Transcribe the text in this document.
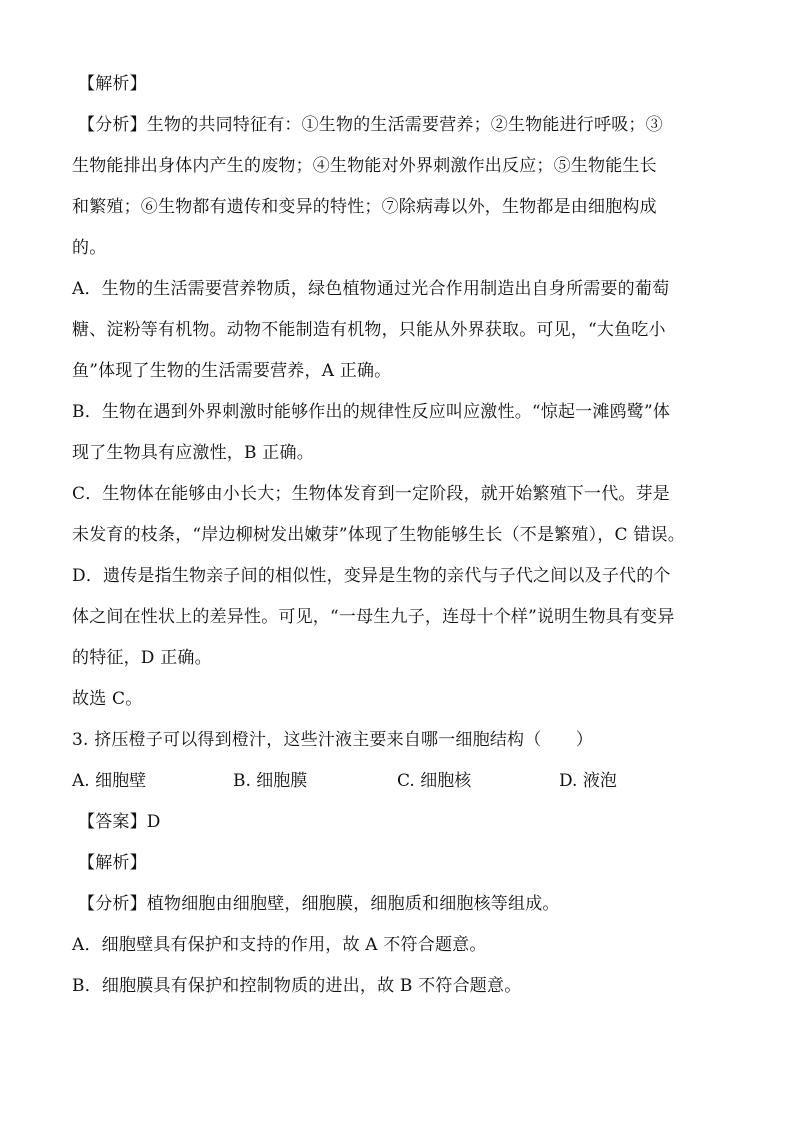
【解析】
【分析】生物的共同特征有：①生物的生活需要营养；②生物能进行呼吸；③
生物能排出身体内产生的废物；④生物能对外界刺激作出反应；⑤生物能生长
和繁殖；⑥生物都有遗传和变异的特性；⑦除病毒以外，生物都是由细胞构成
的。
A．生物的生活需要营养物质，绿色植物通过光合作用制造出自身所需要的葡萄
糖、淀粉等有机物。动物不能制造有机物，只能从外界获取。可见，“大鱼吃小
鱼”体现了生物的生活需要营养，A 正确。
B．生物在遇到外界刺激时能够作出的规律性反应叫应激性。“惊起一滩鸥鹭”体
现了生物具有应激性，B 正确。
C．生物体在能够由小长大；生物体发育到一定阶段，就开始繁殖下一代。芽是
未发育的枝条，“岸边柳树发出嫩芽”体现了生物能够生长（不是繁殖），C 错误。
D．遗传是指生物亲子间的相似性，变异是生物的亲代与子代之间以及子代的个
体之间在性状上的差异性。可见，“一母生九子，连母十个样”说明生物具有变异
的特征，D 正确。
故选 C。
3. 挤压橙子可以得到橙汁，这些汁液主要来自哪一细胞结构（　　）
A. 细胞壁	B. 细胞膜	C. 细胞核	D. 液泡
【答案】D
【解析】
【分析】植物细胞由细胞壁，细胞膜，细胞质和细胞核等组成。
A．细胞壁具有保护和支持的作用，故 A 不符合题意。
B．细胞膜具有保护和控制物质的进出，故 B 不符合题意。
